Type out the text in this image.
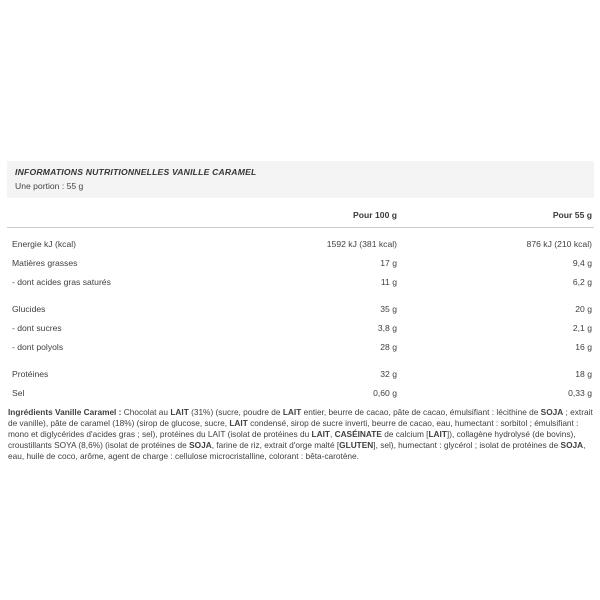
INFORMATIONS NUTRITIONNELLES VANILLE CARAMEL
Une portion : 55 g
Pour 100 g	Pour 55 g
Energie kJ (kcal)	1592 kJ (381 kcal)	876 kJ (210 kcal)
Matières grasses	17 g	9,4 g
- dont acides gras saturés	11 g	6,2 g
Glucides	35 g	20 g
- dont sucres	3,8 g	2,1 g
- dont polyols	28 g	16 g
Protéines	32 g	18 g
Sel	0,60 g	0,33 g

Ingrédients Vanille Caramel : Chocolat au LAIT (31%) (sucre, poudre de LAIT entier, beurre de cacao, pâte de cacao, émulsifiant : lécithine de SOJA ; extrait de vanille), pâte de caramel (18%) (sirop de glucose, sucre, LAIT condensé, sirop de sucre inverti, beurre de cacao, eau, humectant : sorbitol ; émulsifiant : mono et diglycérides d'acides gras ; sel), protéines du LAIT (isolat de protéines du LAIT, CASÉINATE de calcium [LAIT]), collagène hydrolysé (de bovins), croustillants SOYA (8,6%) (isolat de protéines de SOJA, farine de riz, extrait d'orge malté [GLUTEN], sel), humectant : glycérol ; isolat de protéines de SOJA, eau, huile de coco, arôme, agent de charge : cellulose microcristalline, colorant : bêta-carotène.
